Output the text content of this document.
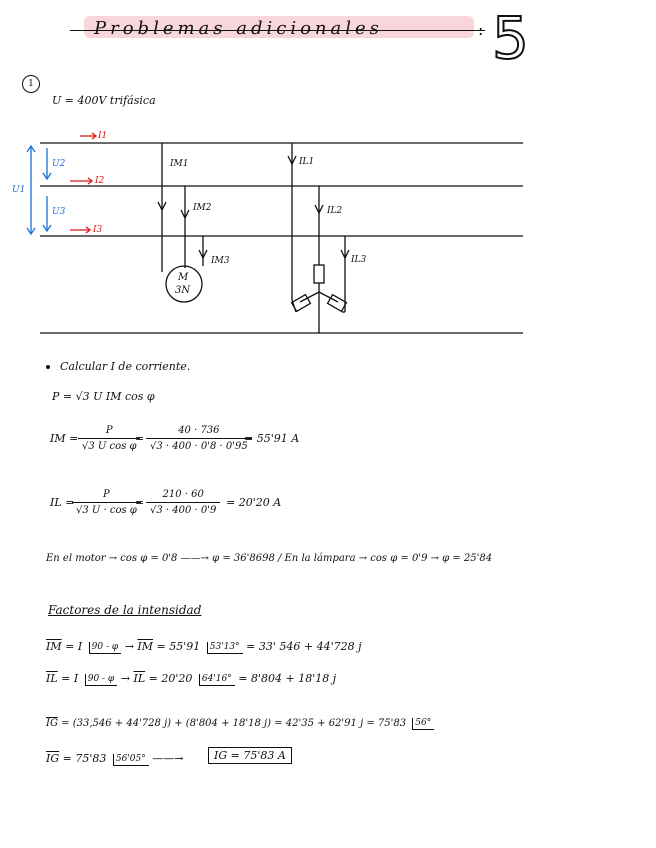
Problemas adicionales	: 5
1
U = 400V trifásica
I1
I2
I3
U1
U2
U3
IM1
IM2
IM3
M
3N
IL1
IL2
IL3
Calcular I de corriente.
P = √3 U IM cos φ
IM =
P
√3 U cos φ
=
40 · 736
√3 · 400 · 0'8 · 0'95
= 55'91 A
IL =
P
√3 U · cos φ
=
210 · 60
√3 · 400 · 0'9
= 20'20 A
En el motor → cos φ = 0'8 ——→ φ = 36'8698 / En la lámpara → cos φ = 0'9 → φ = 25'84
Factores de la intensidad
$\overline{IM} = I$ $90 - \varphi \to \overline{IM} = 55'91$ 53'13° = 33' 546 + 44'728 j
$\overline{IL} = I$ $90 - \varphi \to \overline{IL} = 20'20$ 64'16° = 8'804 + 18'18 j
$\overline{IG} = (33,546 + 44'728$ j) + (8'804 + 18'18 j) = 42'35 + 62'91 j = 75'83 56°
$\overline{IG} = 75'83$ 56'05° ——→	IG = 75'83 A
